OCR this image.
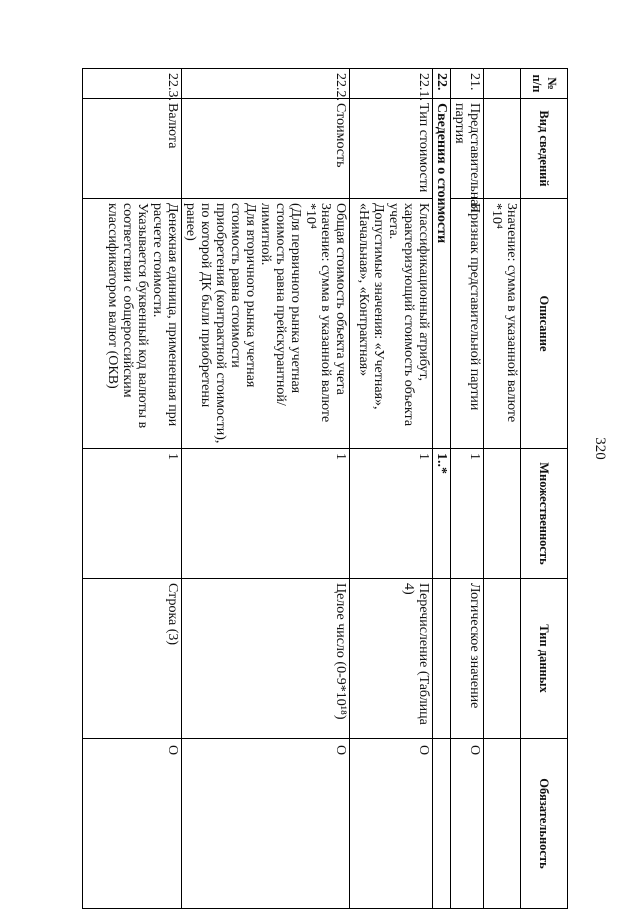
320
№ п/п	Вид сведений	Описание	Множественность	Тип данных	Обязательность
		Значение: сумма в указанной валюте *10⁴			
21.	Представительная партия	Признак представительной партии	1	Логическое значение	O
22.	Сведения о стоимости		1..*		
22.1.	Тип стоимости	Классификационный атрибут, характеризующий стоимость объекта учета.
Допустимые значения: «Учетная», «Начальная», «Контрактная»	1	Перечисление (Таблица 4)	O
22.2.	Стоимость	Общая стоимость объекта учета
Значение: сумма в указанной валюте *10⁴
(Для первичного рынка учетная стоимость равна прейскурантной/лимитной.
Для вторичного рынка учетная стоимость равна стоимости приобретения (контрактной стоимости), по которой ДК были приобретены ранее)	1	Целое число (0-9*10¹⁸)	O
22.3.	Валюта	Денежная единица, примененная при расчете стоимости.
Указывается буквенный код валюты в соответствии с общероссийским классификатором валют (ОКВ)	1	Строка (3)	O
